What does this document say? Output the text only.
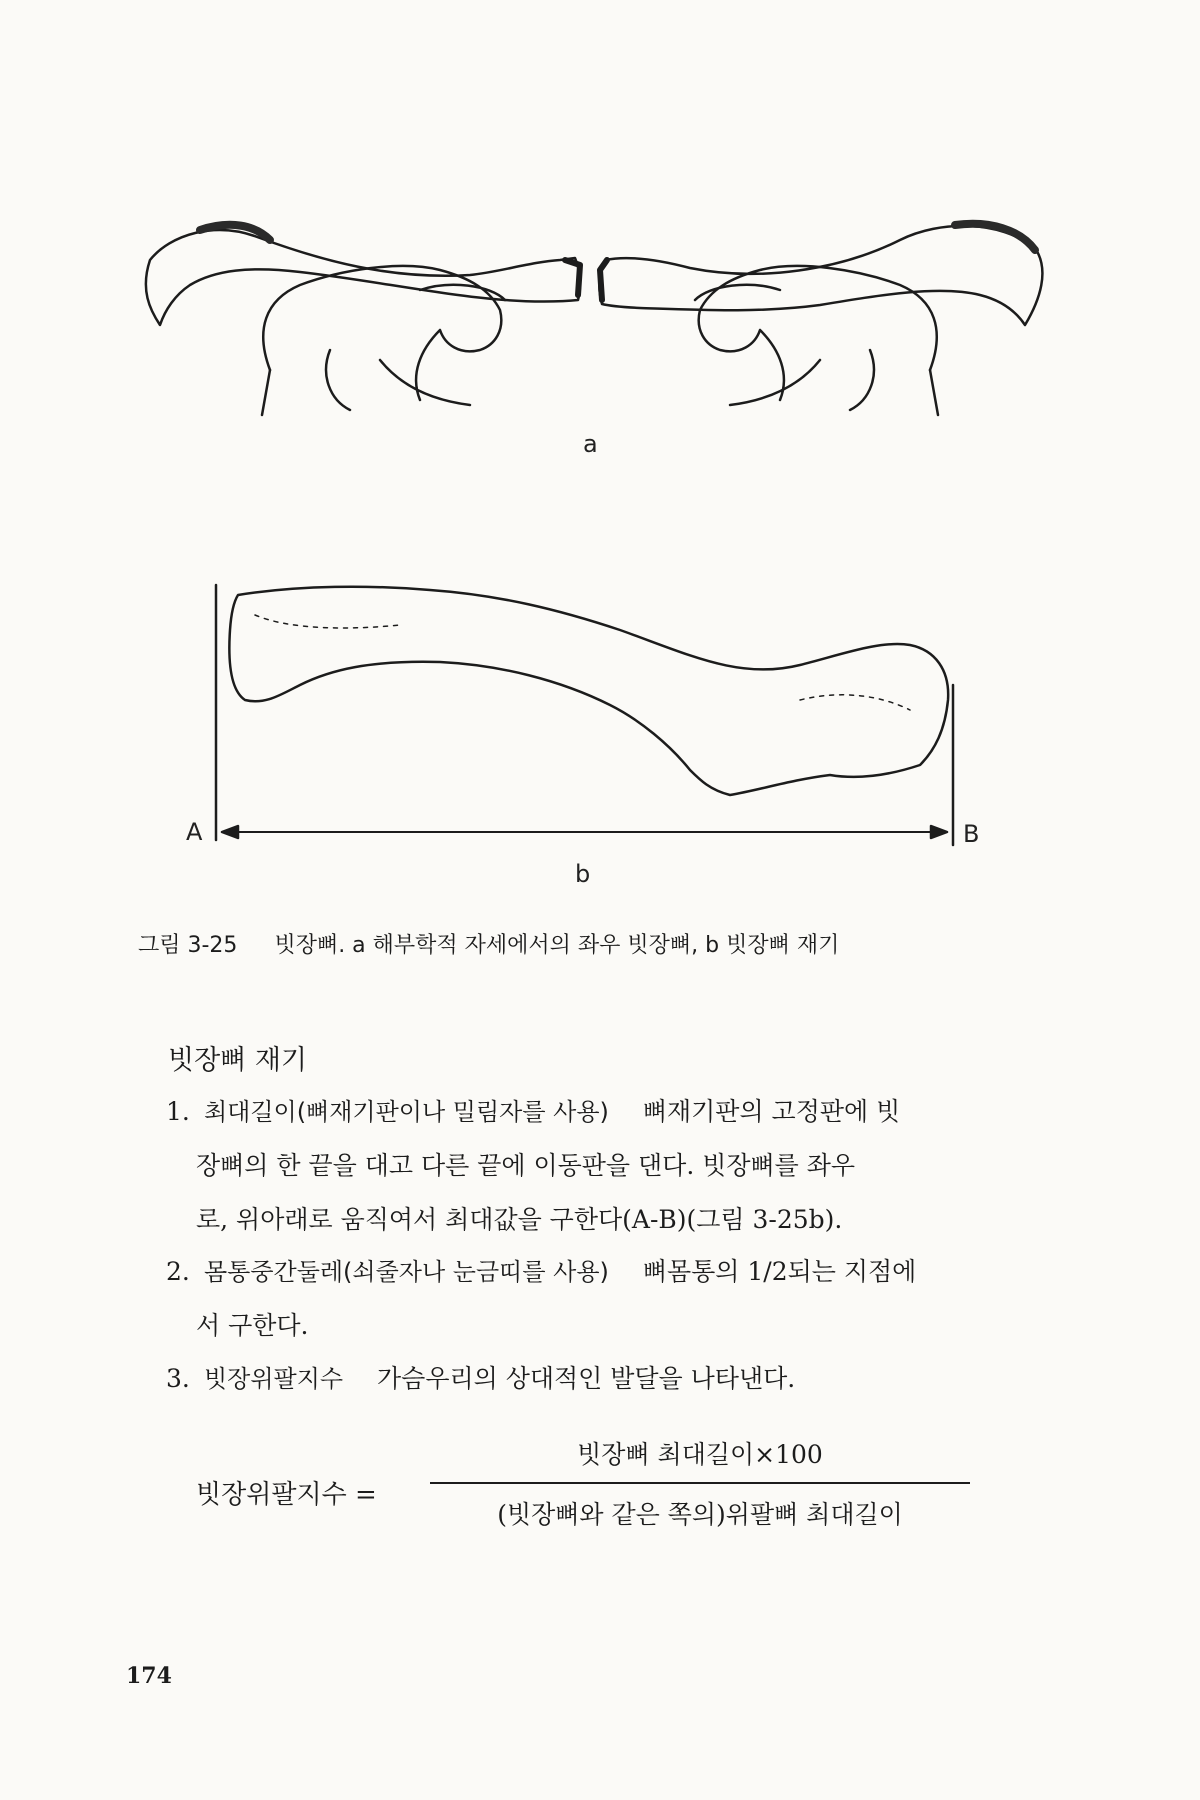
a
A	B
b
그림 3-25 빗장뼈. a 해부학적 자세에서의 좌우 빗장뼈, b 빗장뼈 재기
빗장뼈 재기
1. 최대길이(뼈재기판이나 밀림자를 사용) 뼈재기판의 고정판에 빗
장뼈의 한 끝을 대고 다른 끝에 이동판을 댄다. 빗장뼈를 좌우
로, 위아래로 움직여서 최대값을 구한다(A-B)(그림 3-25b).
2. 몸통중간둘레(쇠줄자나 눈금띠를 사용) 뼈몸통의 1/2되는 지점에
서 구한다.
3. 빗장위팔지수 가슴우리의 상대적인 발달을 나타낸다.
빗장위팔지수 =
빗장뼈 최대길이×100
(빗장뼈와 같은 쪽의)위팔뼈 최대길이
174
